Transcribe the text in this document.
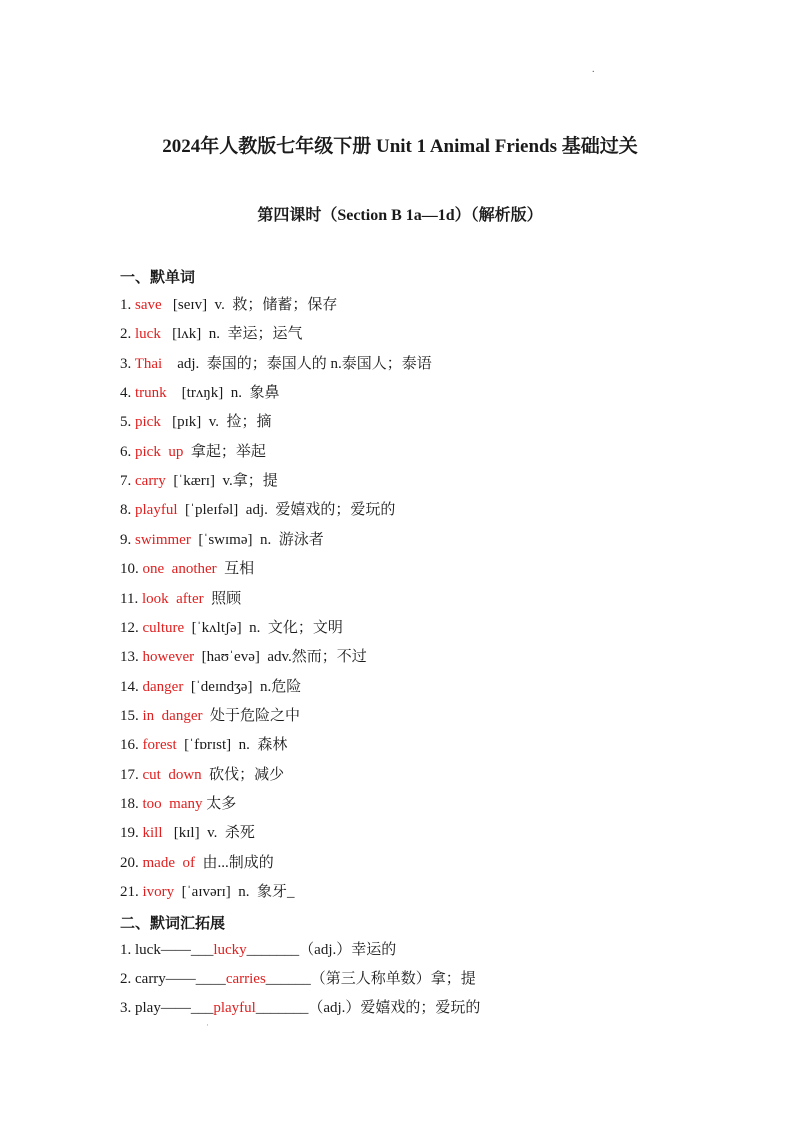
.
2024年人教版七年级下册 Unit 1 Animal Friends 基础过关
第四课时（Section B 1a—1d）（解析版）
一、默单词
1. save   [seɪv]  v.  救；储蓄；保存
2. luck   [lʌk]  n.  幸运；运气
3. Thai    adj.  泰国的；泰国人的 n.泰国人；泰语
4. trunk    [trʌŋk]  n.  象鼻
5. pick   [pɪk]  v.  捡；摘
6. pick  up  拿起；举起
7. carry  [ˈkærɪ]  v.拿；提
8. playful  [ˈpleɪfəl]  adj.  爱嬉戏的；爱玩的
9. swimmer  [ˈswɪmə]  n.  游泳者
10. one  another  互相
11. look  after  照顾
12. culture  [ˈkʌltʃə]  n.  文化；文明
13. however  [haʊˈevə]  adv.然而；不过
14. danger  [ˈdeɪndʒə]  n.危险
15. in  danger  处于危险之中
16. forest  [ˈfɒrɪst]  n.  森林
17. cut  down  砍伐；减少
18. too  many 太多
19. kill   [kɪl]  v.  杀死
20. made  of  由...制成的
21. ivory  [ˈaɪvərɪ]  n.  象牙_
二、默词汇拓展
1. luck——___lucky_______（adj.）幸运的
2. carry——____carries______（第三人称单数）拿；提
3. play——___playful_______（adj.）爱嬉戏的；爱玩的
·
